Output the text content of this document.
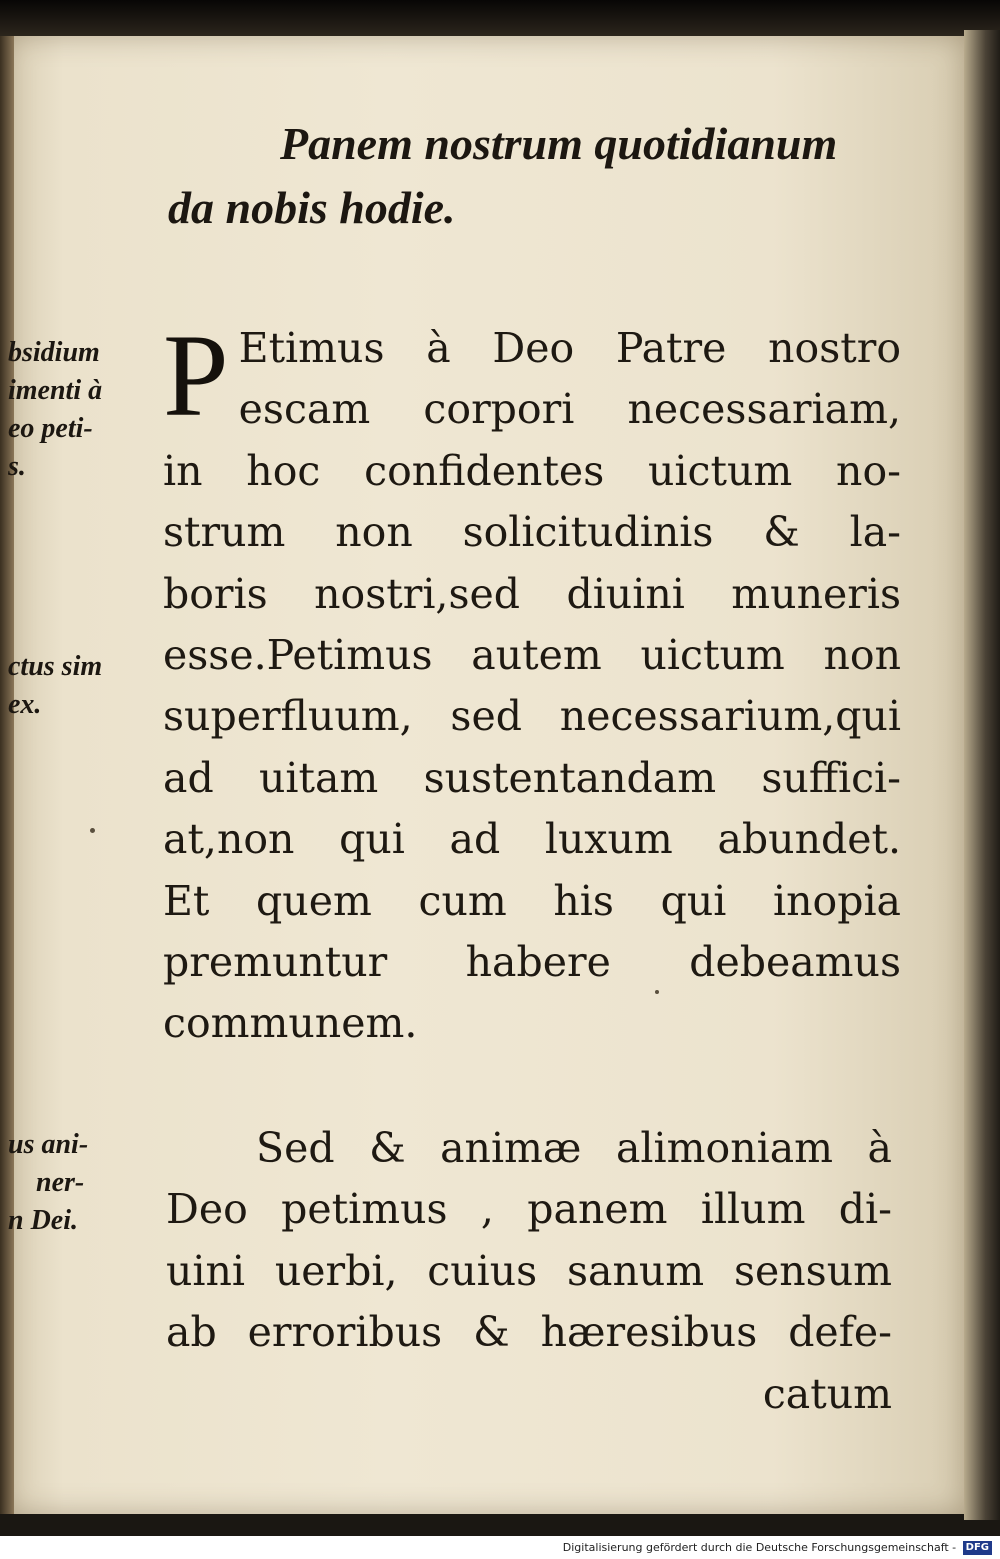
Panem nostrum quotidianum
da nobis hodie.
P Etimus à Deo Patre nostro
escam corpori necessariam,
in hoc confidentes uictum no-
strum non solicitudinis & la-
boris nostri,sed diuini muneris
esse.Petimus autem uictum non
superfluum, sed necessarium,qui
ad uitam sustentandam suffici-
at,non qui ad luxum abundet.
Et quem cum his qui inopia
premuntur habere debeamus
communem.
Sed & animæ alimoniam à
Deo petimus , panem illum di-
uini uerbi, cuius sanum sensum
ab erroribus & hæresibus defe-
catum
bsidium
imenti à
eo peti-
s.
ctus sim
ex.
us ani-
ner-
n Dei.
Digitalisierung gefördert durch die Deutsche Forschungsgemeinschaft - DFG
